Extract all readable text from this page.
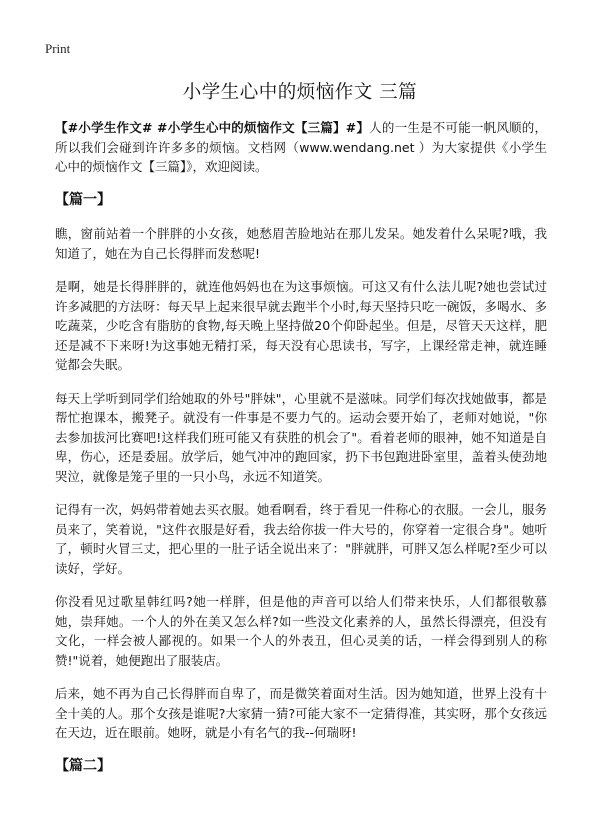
Print
小学生心中的烦恼作文 三篇

【#小学生作文# #小学生心中的烦恼作文【三篇】#】人的一生是不可能一帆风顺的，所以我们会碰到许许多多的烦恼。文档网（www.wendang.net ）为大家提供《小学生心中的烦恼作文【三篇】》，欢迎阅读。

【篇一】

瞧，窗前站着一个胖胖的小女孩，她愁眉苦脸地站在那儿发呆。她发着什么呆呢?哦，我知道了，她在为自己长得胖而发愁呢!

是啊，她是长得胖胖的，就连他妈妈也在为这事烦恼。可这又有什么法儿呢?她也尝试过许多减肥的方法呀：每天早上起来很早就去跑半个小时,每天坚持只吃一碗饭，多喝水、多吃蔬菜，少吃含有脂肪的食物,每天晚上坚持做20个仰卧起坐。但是，尽管天天这样，肥还是减不下来呀!为这事她无精打采，每天没有心思读书，写字，上课经常走神，就连睡觉都会失眠。

每天上学听到同学们给她取的外号"胖妹"，心里就不是滋味。同学们每次找她做事，都是帮忙抱课本，搬凳子。就没有一件事是不要力气的。运动会要开始了，老师对她说，"你去参加拔河比赛吧!这样我们班可能又有获胜的机会了"。看着老师的眼神，她不知道是自卑，伤心，还是委屈。放学后，她气冲冲的跑回家，扔下书包跑进卧室里，盖着头使劲地哭泣，就像是笼子里的一只小鸟，永远不知道笑。

记得有一次，妈妈带着她去买衣服。她看啊看，终于看见一件称心的衣服。一会儿，服务员来了，笑着说，"这件衣服是好看，我去给你拔一件大号的，你穿着一定很合身"。她听了，顿时火冒三丈，把心里的一肚子话全说出来了："胖就胖，可胖又怎么样呢?至少可以读好，学好。

你没看见过歌星韩红吗?她一样胖，但是他的声音可以给人们带来快乐，人们都很敬慕她，崇拜她。一个人的外在美又怎么样?如一些没文化素养的人，虽然长得漂亮，但没有文化，一样会被人鄙视的。如果一个人的外表丑，但心灵美的话，一样会得到别人的称赞!"说着，她便跑出了服装店。

后来，她不再为自己长得胖而自卑了，而是微笑着面对生活。因为她知道，世界上没有十全十美的人。那个女孩是谁呢?大家猜一猜?可能大家不一定猜得准，其实呀，那个女孩远在天边，近在眼前。她呀，就是小有名气的我--何瑞呀!

【篇二】
